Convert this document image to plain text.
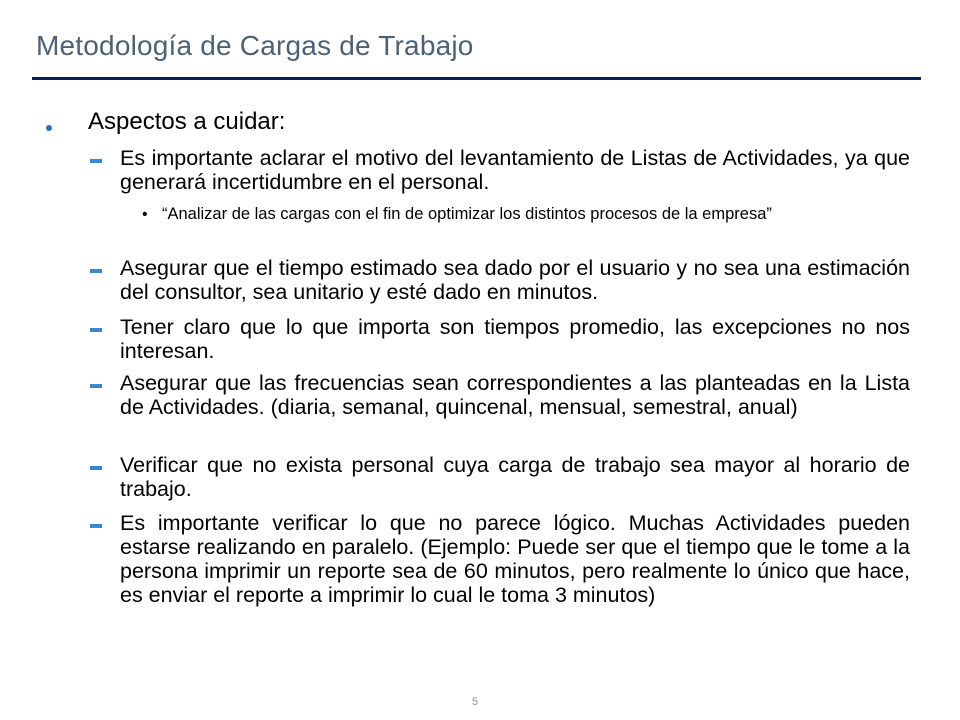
Metodología de Cargas de Trabajo
Aspectos a cuidar:
Es importante aclarar el motivo del levantamiento de Listas de Actividades, ya que generará incertidumbre en el personal.
• “Analizar de las cargas con el fin de optimizar los distintos procesos de la empresa”
Asegurar que el tiempo estimado sea dado por el usuario y no sea una estimación del consultor, sea unitario y esté dado en minutos.
Tener claro que lo que importa son tiempos promedio, las excepciones no nos interesan.
Asegurar que las frecuencias sean correspondientes a las planteadas en la Lista de Actividades. (diaria, semanal, quincenal, mensual, semestral, anual)
Verificar que no exista personal cuya carga de trabajo sea mayor al horario de trabajo.
Es importante verificar lo que no parece lógico. Muchas Actividades pueden estarse realizando en paralelo. (Ejemplo: Puede ser que el tiempo que le tome a la persona imprimir un reporte sea de 60 minutos, pero realmente lo único que hace, es enviar el reporte a imprimir lo cual le toma 3 minutos)
5
